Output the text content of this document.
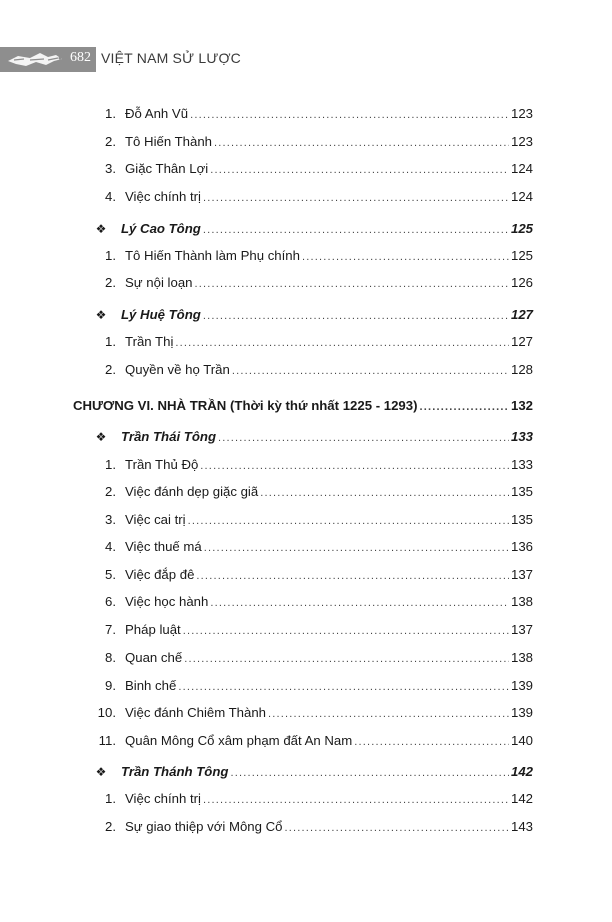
682 VIỆT NAM SỬ LƯỢC
1. Đỗ Anh Vũ .....	123
2. Tô Hiến Thành .....	123
3. Giặc Thân Lợi .....	124
4. Việc chính trị .....	124
❖	Lý Cao Tông .....	125
1. Tô Hiến Thành làm Phụ chính .....	125
2. Sự nội loạn .....	126
❖	Lý Huệ Tông .....	127
1. Trần Thị .....	127
2. Quyền về họ Trần .....	128
CHƯƠNG VI. NHÀ TRẦN (Thời kỳ thứ nhất 1225 - 1293) .....	132
❖	Trần Thái Tông .....	133
1. Trần Thủ Độ .....	133
2. Việc đánh dẹp giặc giã .....	135
3. Việc cai trị .....	135
4. Việc thuế má .....	136
5. Việc đắp đê .....	137
6. Việc học hành .....	138
7. Pháp luật .....	137
8. Quan chế .....	138
9. Binh chế .....	139
10. Việc đánh Chiêm Thành .....	139
11. Quân Mông Cổ xâm phạm đất An Nam .....	140
❖	Trần Thánh Tông .....	142
1. Việc chính trị .....	142
2. Sự giao thiệp với Mông Cổ .....	143
